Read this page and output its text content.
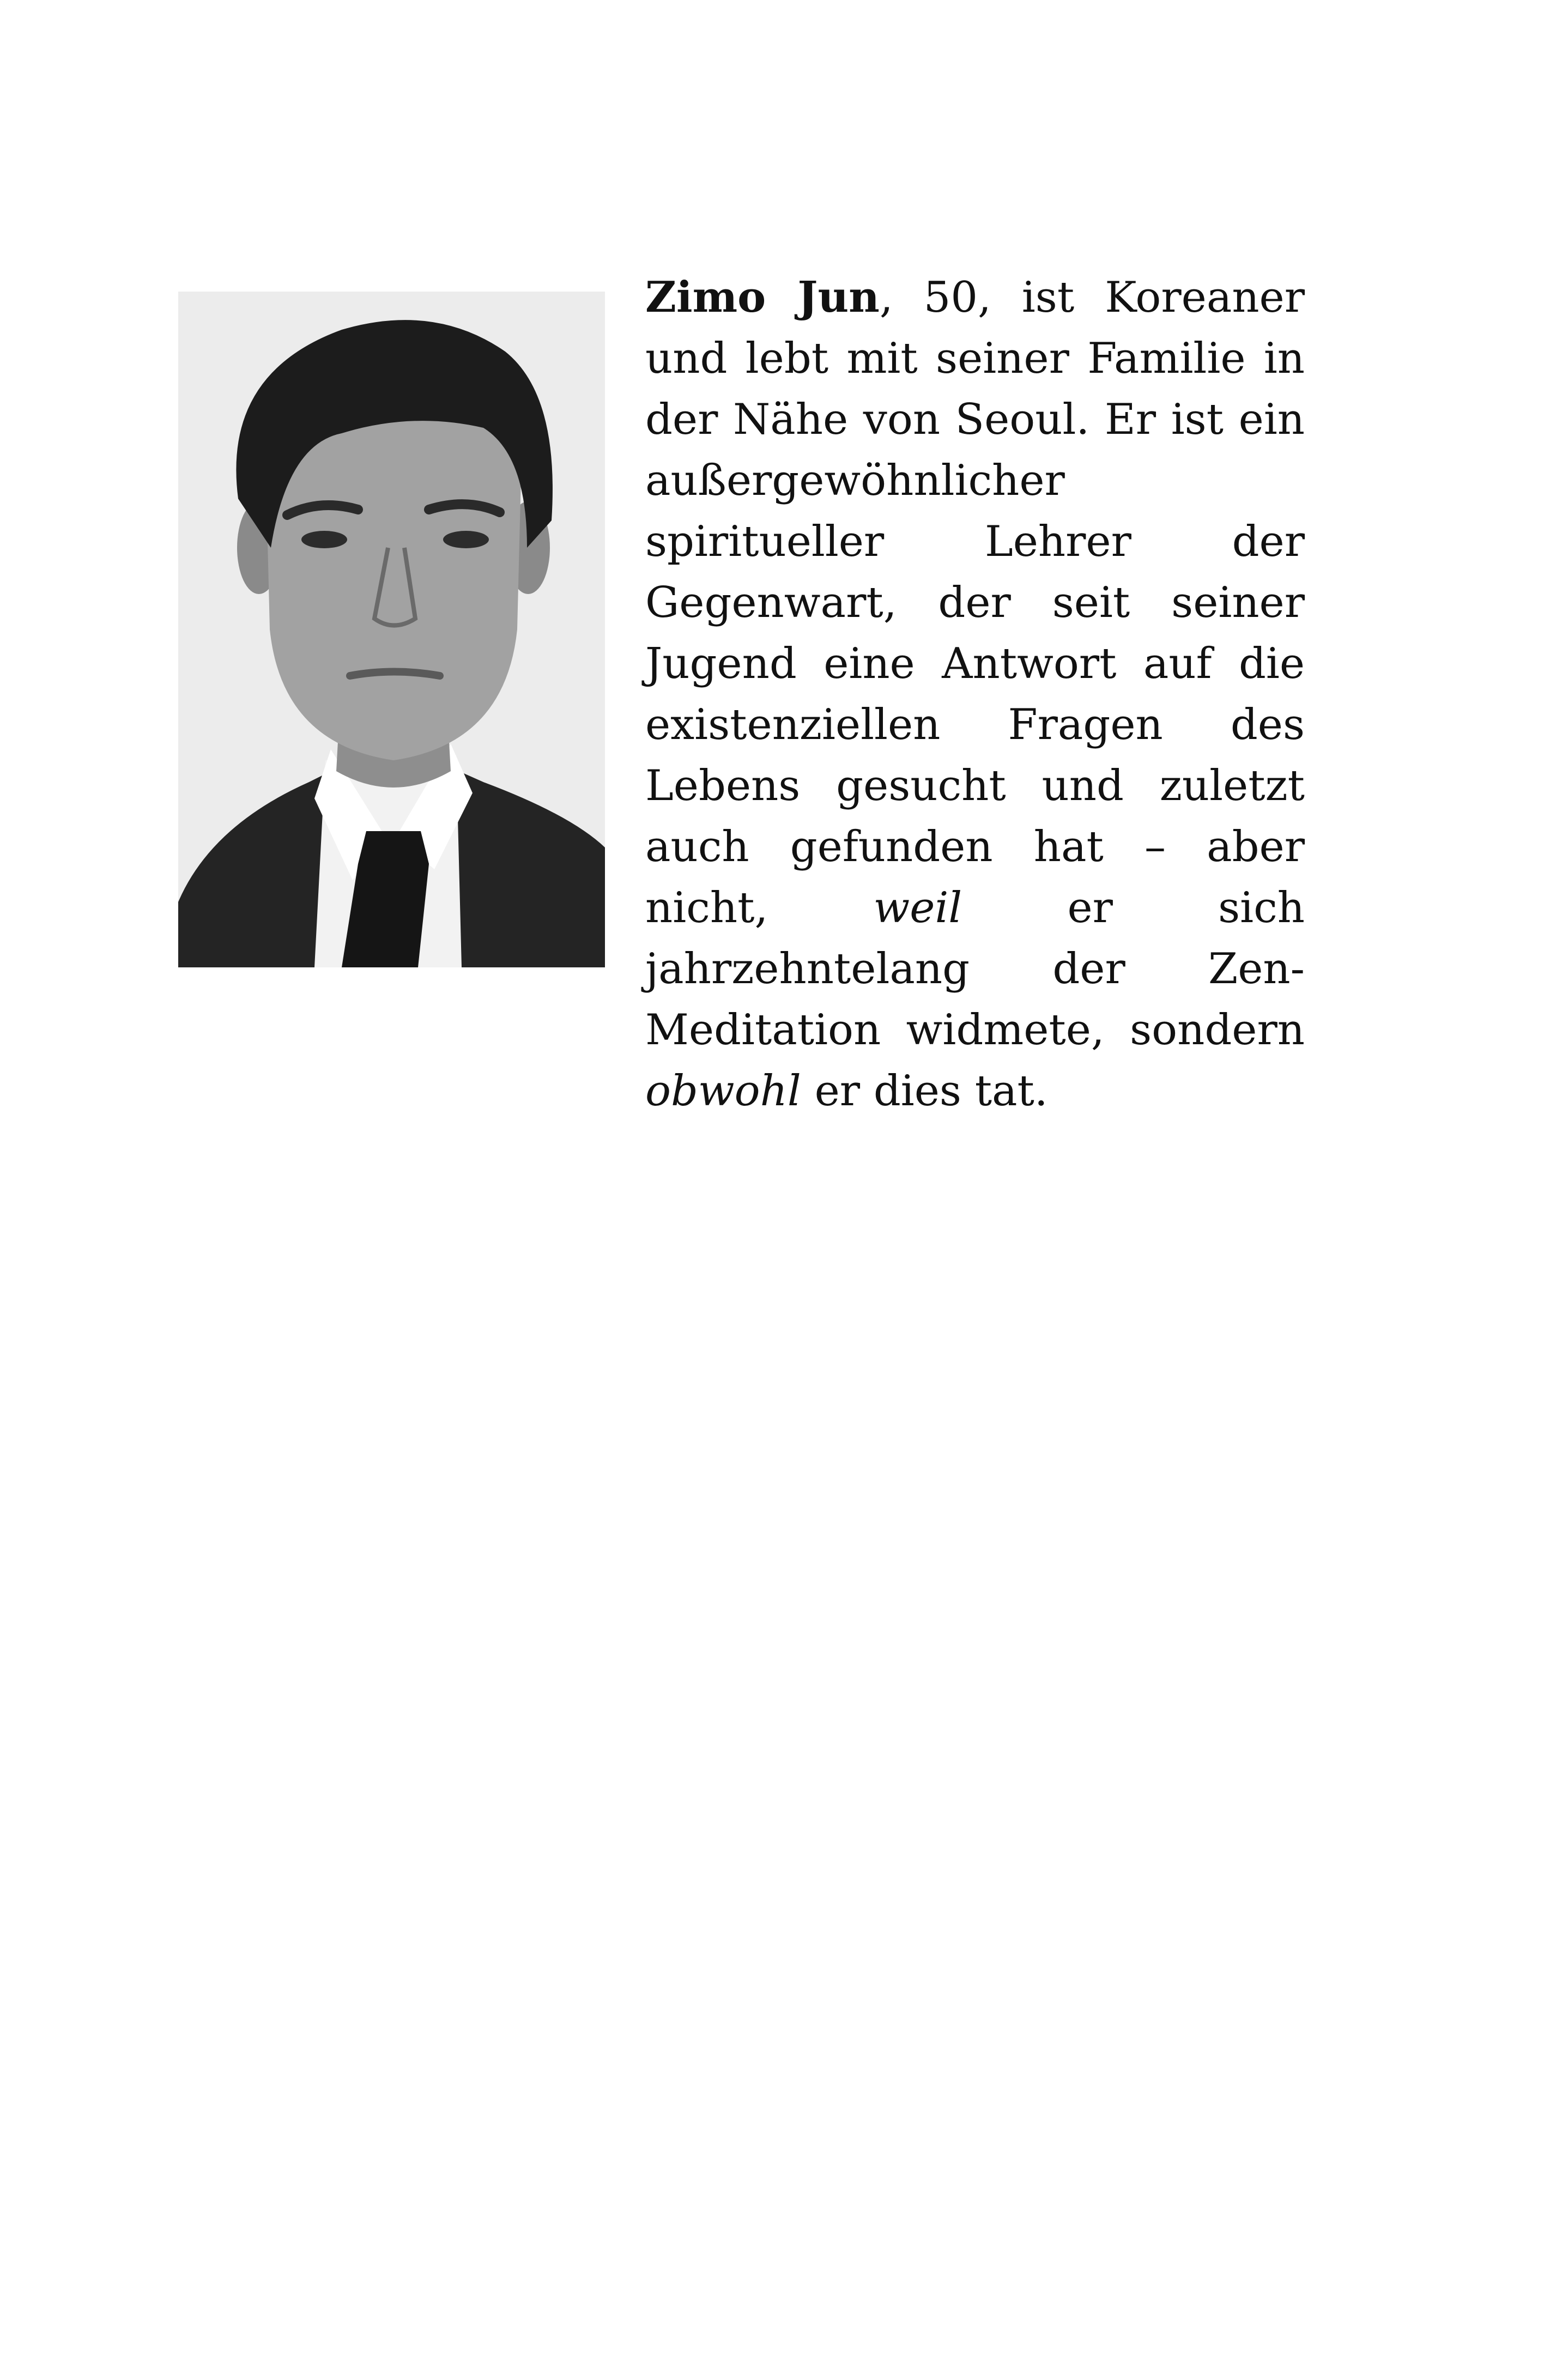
Zimo Jun, 50, ist Koreaner und lebt mit seiner Familie in der Nähe von Seoul. Er ist ein außergewöhnlicher spiritueller Lehrer der Gegenwart, der seit seiner Jugend eine Antwort auf die existenziellen Fragen des Lebens gesucht und zuletzt auch gefunden hat – aber nicht, weil er sich jahrzehntelang der Zen-Meditation widmete, sondern obwohl er dies tat.
